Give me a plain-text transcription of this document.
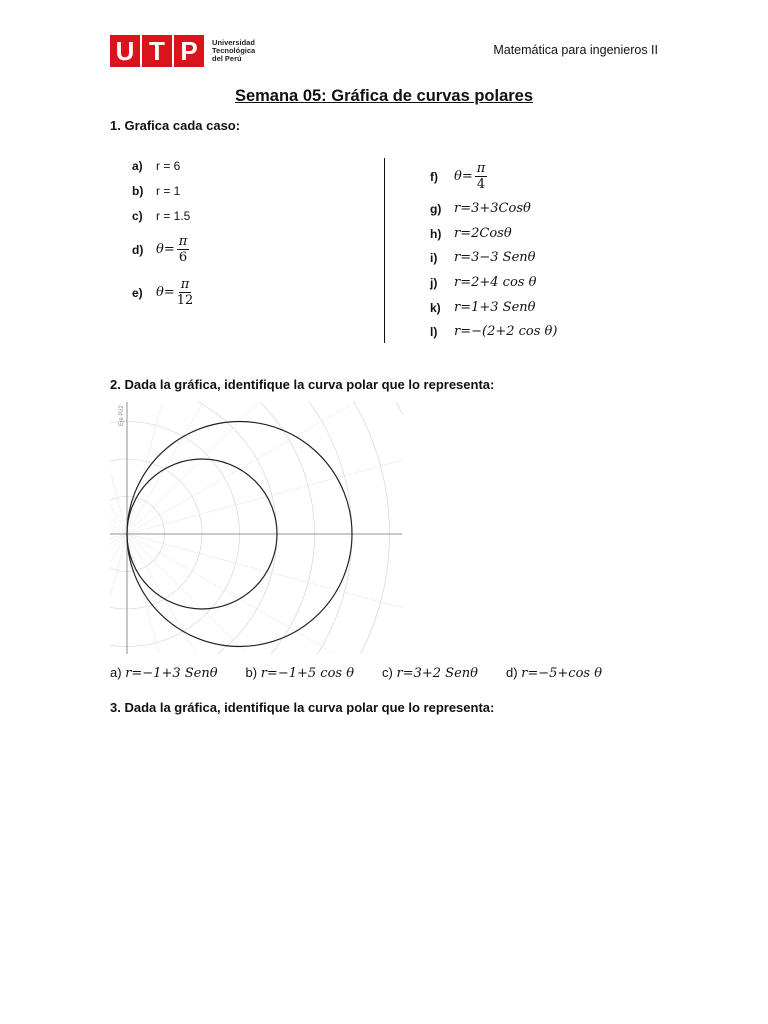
U T P	Universidad
Tecnológica
del Perú
Matemática para ingenieros II
Semana 05: Gráfica de curvas polares
1. Grafica cada caso:
a)	r = 6
b)	r = 1
c)	r = 1.5
d) $\theta= \frac{\pi}{6}$
e)	$\theta= \frac{\pi}{12}$
f)	$\theta= \frac{\pi}{4}$
g) r=3+3Cosθ
h) r=2Cosθ
i)	r=3−3 Senθ
j)	r=2+4 cos θ
k)	r=1+3 Senθ
l)	r=−(2+2 cos θ)
2. Dada la gráfica, identifique la curva polar que lo representa:
Eje Pi/2
a) r=−1+3 Senθ b) r=−1+5 cos θ c) r=3+2 Senθ d) r=−5+cos θ
3. Dada la gráfica, identifique la curva polar que lo representa:
